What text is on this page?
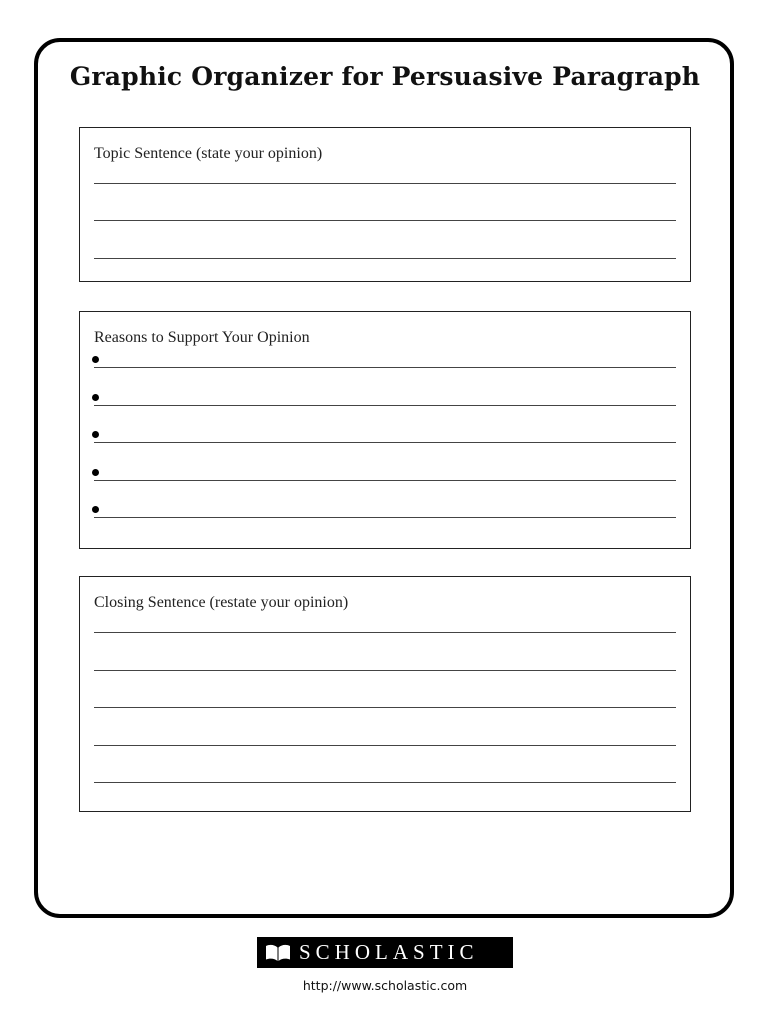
Graphic Organizer for Persuasive Paragraph
Topic Sentence (state your opinion)
Reasons to Support Your Opinion
Closing Sentence (restate your opinion)
SCHOLASTIC
http://www.scholastic.com
